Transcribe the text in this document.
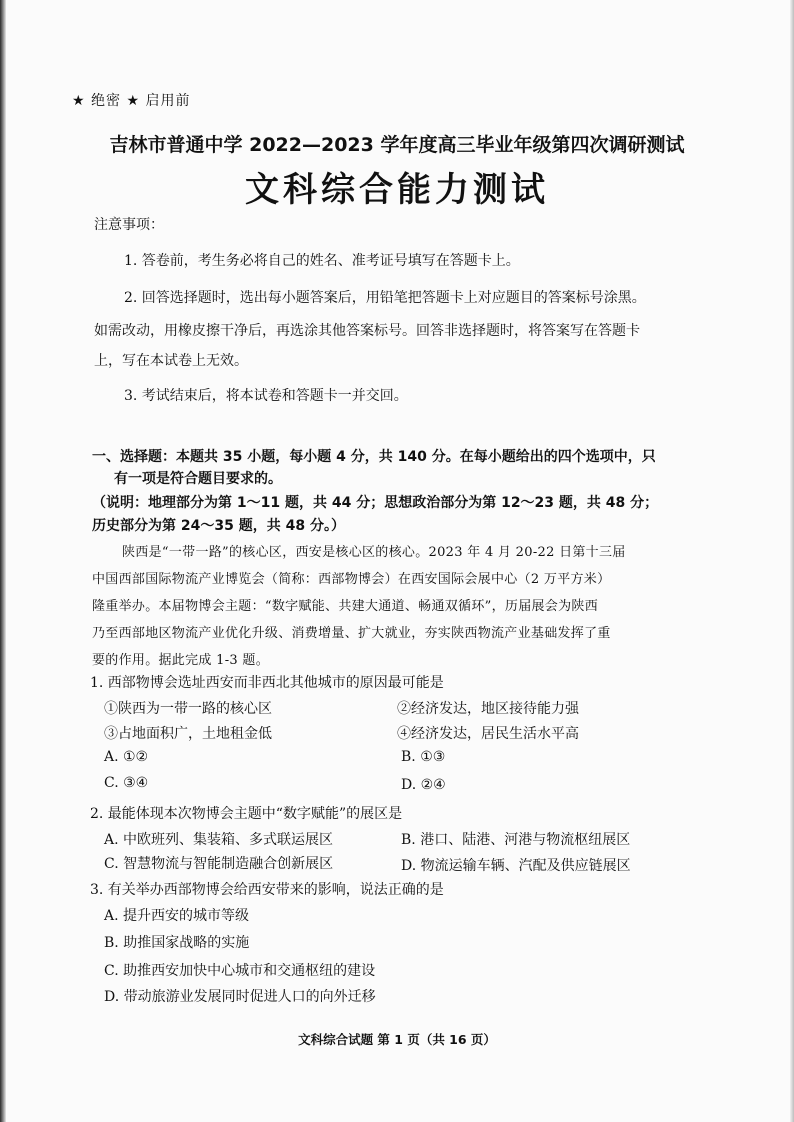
★ 绝密 ★ 启用前
吉林市普通中学 2022—2023 学年度高三毕业年级第四次调研测试
文科综合能力测试
注意事项：
1. 答卷前，考生务必将自己的姓名、准考证号填写在答题卡上。
2. 回答选择题时，选出每小题答案后，用铅笔把答题卡上对应题目的答案标号涂黑。
如需改动，用橡皮擦干净后，再选涂其他答案标号。回答非选择题时，将答案写在答题卡
上，写在本试卷上无效。
3. 考试结束后，将本试卷和答题卡一并交回。
一、选择题：本题共 35 小题，每小题 4 分，共 140 分。在每小题给出的四个选项中，只
有一项是符合题目要求的。
（说明：地理部分为第 1～11 题，共 44 分；思想政治部分为第 12～23 题，共 48 分；
历史部分为第 24～35 题，共 48 分。）
陕西是“一带一路”的核心区，西安是核心区的核心。2023 年 4 月 20-22 日第十三届
中国西部国际物流产业博览会（简称：西部物博会）在西安国际会展中心（2 万平方米）
隆重举办。本届物博会主题：“数字赋能、共建大通道、畅通双循环”，历届展会为陕西
乃至西部地区物流产业优化升级、消费增量、扩大就业，夯实陕西物流产业基础发挥了重
要的作用。据此完成 1-3 题。
1. 西部物博会选址西安而非西北其他城市的原因最可能是
①陕西为一带一路的核心区	②经济发达，地区接待能力强
③占地面积广，土地租金低	④经济发达，居民生活水平高
A. ①②	B. ①③
C. ③④	D. ②④
2. 最能体现本次物博会主题中“数字赋能”的展区是
A. 中欧班列、集装箱、多式联运展区	B. 港口、陆港、河港与物流枢纽展区
C. 智慧物流与智能制造融合创新展区	D. 物流运输车辆、汽配及供应链展区
3. 有关举办西部物博会给西安带来的影响，说法正确的是
A. 提升西安的城市等级
B. 助推国家战略的实施
C. 助推西安加快中心城市和交通枢纽的建设
D. 带动旅游业发展同时促进人口的向外迁移
文科综合试题 第 1 页（共 16 页）
